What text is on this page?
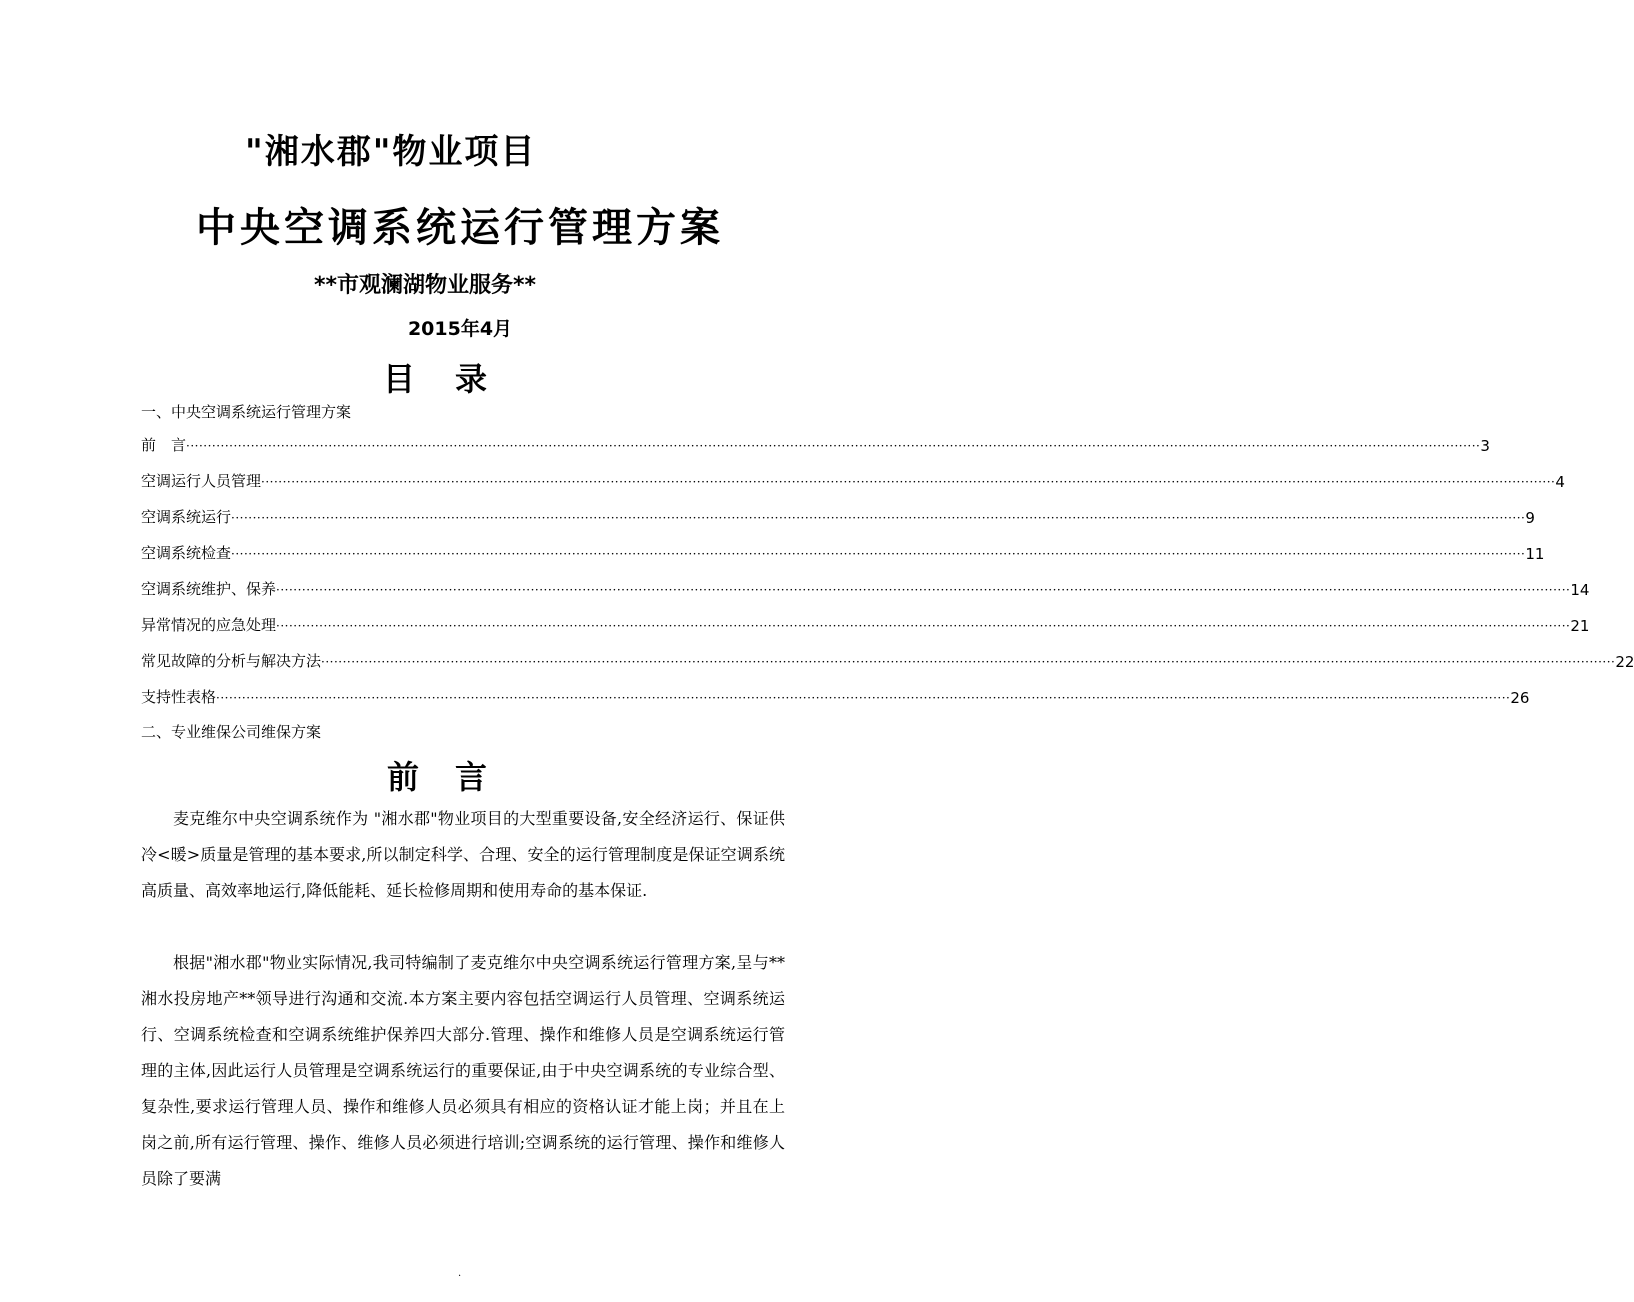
"湘水郡"物业项目
中央空调系统运行管理方案
**市观澜湖物业服务**
2015年4月
目录
一、中央空调系统运行管理方案
前　言 ············································································································································································································································································································ 3
空调运行人员管理 ············································································································································································································································································································ 4
空调系统运行 ············································································································································································································································································································ 9
空调系统检查 ············································································································································································································································································································ 11
空调系统维护、保养 ············································································································································································································································································································ 14
异常情况的应急处理 ············································································································································································································································································································ 21
常见故障的分析与解决方法 ············································································································································································································································································································ 22
支持性表格 ············································································································································································································································································································ 26
二、专业维保公司维保方案
前言
麦克维尔中央空调系统作为 "湘水郡"物业项目的大型重要设备,安全经济运行、保证供冷<暖>质量是管理的基本要求,所以制定科学、合理、安全的运行管理制度是保证空调系统高质量、高效率地运行,降低能耗、延长检修周期和使用寿命的基本保证.
根据"湘水郡"物业实际情况,我司特编制了麦克维尔中央空调系统运行管理方案,呈与**湘水投房地产**领导进行沟通和交流.本方案主要内容包括空调运行人员管理、空调系统运行、空调系统检查和空调系统维护保养四大部分.管理、操作和维修人员是空调系统运行管理的主体,因此运行人员管理是空调系统运行的重要保证,由于中央空调系统的专业综合型、复杂性,要求运行管理人员、操作和维修人员必须具有相应的资格认证才能上岗；并且在上岗之前,所有运行管理、操作、维修人员必须进行培训;空调系统的运行管理、操作和维修人员除了要满
.
